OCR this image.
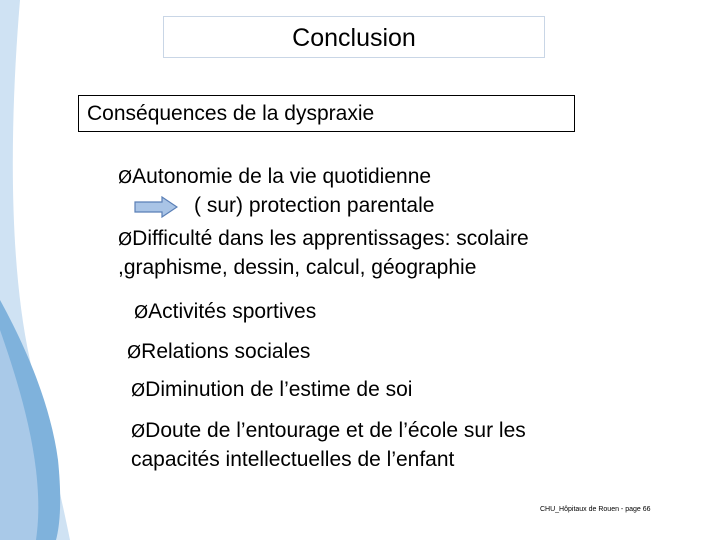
Conclusion
Conséquences de la dyspraxie
ØAutonomie de la vie quotidienne
( sur) protection parentale
ØDifficulté dans les apprentissages: scolaire
,graphisme, dessin, calcul, géographie
ØActivités sportives
ØRelations sociales
ØDiminution de l’estime de soi
ØDoute de l’entourage et de l’école sur les
capacités intellectuelles de l’enfant
CHU_Hôpitaux de Rouen - page 66
